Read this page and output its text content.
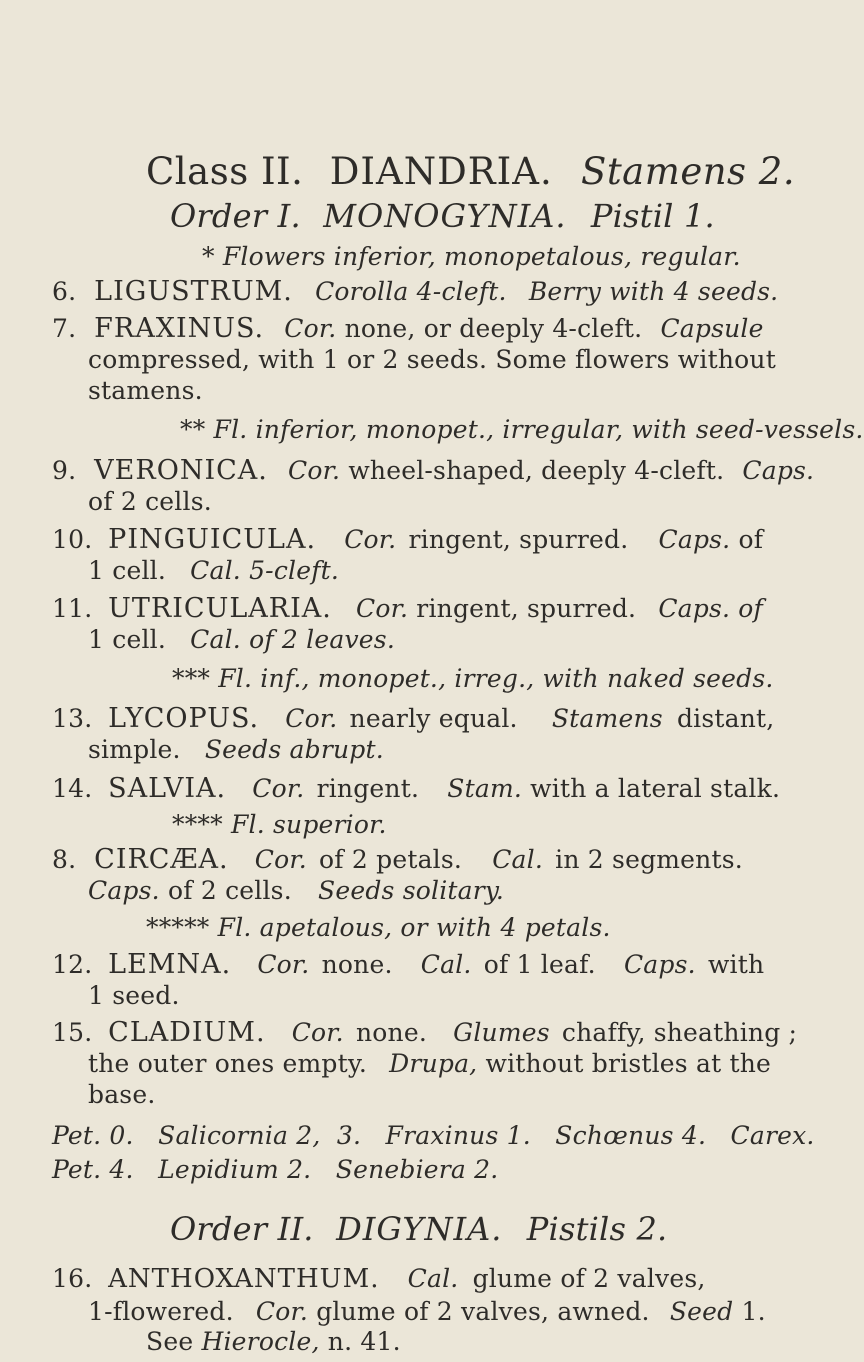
Class II. DIANDRIA. Stamens 2.
Order I. MONOGYNIA. Pistil 1.
* Flowers inferior, monopetalous, regular.
6. LIGUSTRUM. Corolla 4-cleft. Berry with 4 seeds.
7. FRAXINUS. Cor. none, or deeply 4-cleft. Capsule
compressed, with 1 or 2 seeds. Some flowers without
stamens.
** Fl. inferior, monopet., irregular, with seed-vessels.
9. VERONICA. Cor. wheel-shaped, deeply 4-cleft. Caps.
of 2 cells.
10. PINGUICULA. Cor. ringent, spurred. Caps. of
1 cell. Cal. 5-cleft.
11. UTRICULARIA. Cor. ringent, spurred. Caps. of
1 cell. Cal. of 2 leaves.
*** Fl. inf., monopet., irreg., with naked seeds.
13. LYCOPUS. Cor. nearly equal. Stamens distant,
simple. Seeds abrupt.
14. SALVIA. Cor. ringent. Stam. with a lateral stalk.
**** Fl. superior.
8. CIRCÆA. Cor. of 2 petals. Cal. in 2 segments.
Caps. of 2 cells. Seeds solitary.
***** Fl. apetalous, or with 4 petals.
12. LEMNA. Cor. none. Cal. of 1 leaf. Caps. with
1 seed.
15. CLADIUM. Cor. none. Glumes chaffy, sheathing ;
the outer ones empty. Drupa, without bristles at the
base.
Pet. 0.   Salicornia 2,  3.   Fraxinus 1.   Schœnus 4.   Carex.
Pet. 4.   Lepidium 2.   Senebiera 2.
Order II. DIGYNIA. Pistils 2.
16. ANTHOXANTHUM. Cal. glume of 2 valves,
1-flowered. Cor. glume of 2 valves, awned. Seed 1.
See Hierocle, n. 41.
